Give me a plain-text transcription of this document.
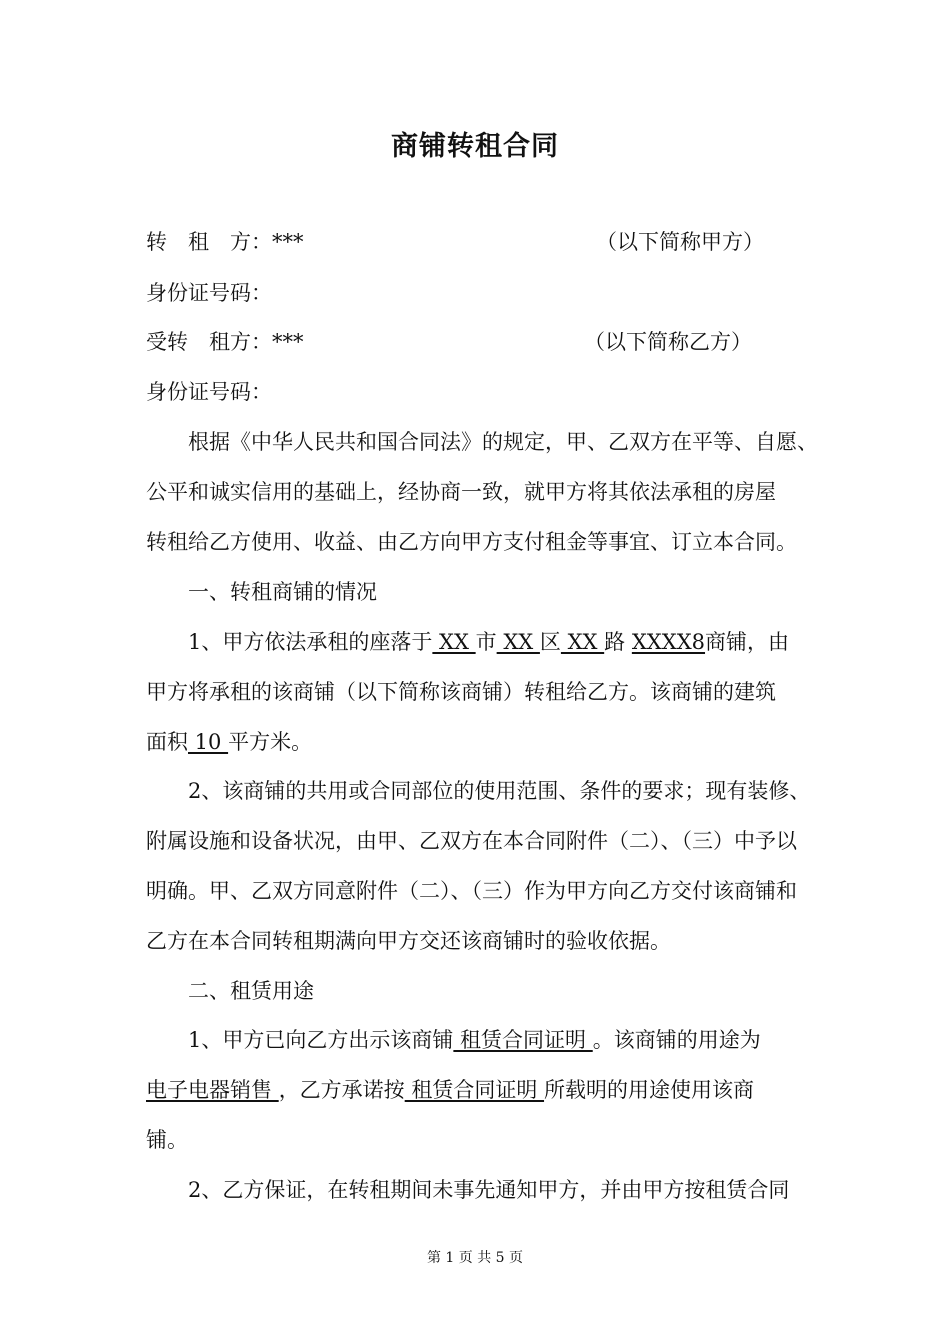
商铺转租合同
转　租　方：***	（以下简称甲方）
身份证号码：
受转　租方：***	（以下简称乙方）
身份证号码：
根据《中华人民共和国合同法》的规定，甲、乙双方在平等、自愿、
公平和诚实信用的基础上，经协商一致，就甲方将其依法承租的房屋
转租给乙方使用、收益、由乙方向甲方支付租金等事宜、订立本合同。
一、转租商铺的情况
1、甲方依法承租的座落于 XX 市 XX 区 XX 路 XXXX8商铺，由
甲方将承租的该商铺（以下简称该商铺）转租给乙方。该商铺的建筑
面积 10 平方米。
2、该商铺的共用或合同部位的使用范围、条件的要求；现有装修、
附属设施和设备状况，由甲、乙双方在本合同附件（二）、（三）中予以
明确。甲、乙双方同意附件（二）、（三）作为甲方向乙方交付该商铺和
乙方在本合同转租期满向甲方交还该商铺时的验收依据。
二、租赁用途
1、甲方已向乙方出示该商铺 租赁合同证明 。该商铺的用途为
电子电器销售 ，乙方承诺按 租赁合同证明 所载明的用途使用该商
铺。
2、乙方保证，在转租期间未事先通知甲方，并由甲方按租赁合同
第 1 页 共 5 页
